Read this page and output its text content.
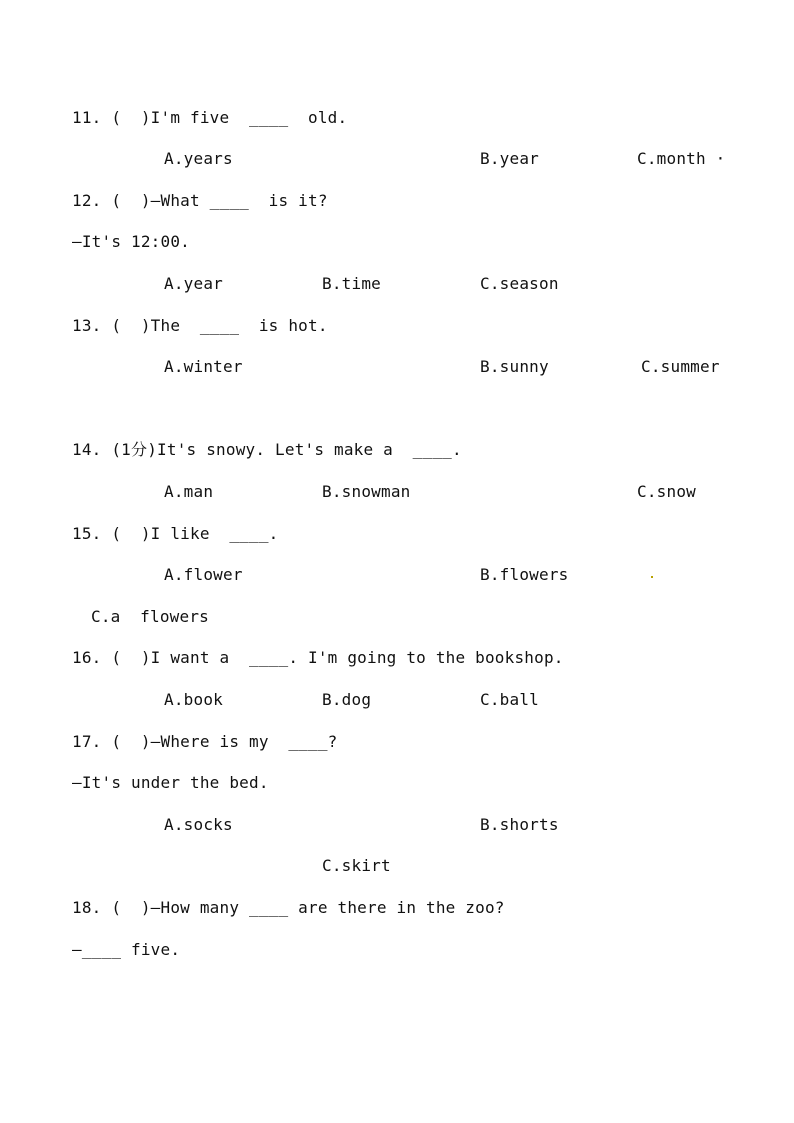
11. (  )I'm five  ____  old.
A.years	B.year	C.month ·
12. (  )—What ____  is it?
—It's 12:00.
A.year	B.time	C.season
13. (  )The  ____  is hot.
A.winter	B.sunny	C.summer
14. (1分)It's snowy. Let's make a  ____.
A.man	B.snowman	C.snow
15. (  )I like  ____.
A.flower	B.flowers
C.a  flowers
16. (  )I want a  ____. I'm going to the bookshop.
A.book	B.dog	C.ball
17. (  )—Where is my  ____?
—It's under the bed.
A.socks	B.shorts
C.skirt
18. (  )—How many ____ are there in the zoo?
—____ five.
